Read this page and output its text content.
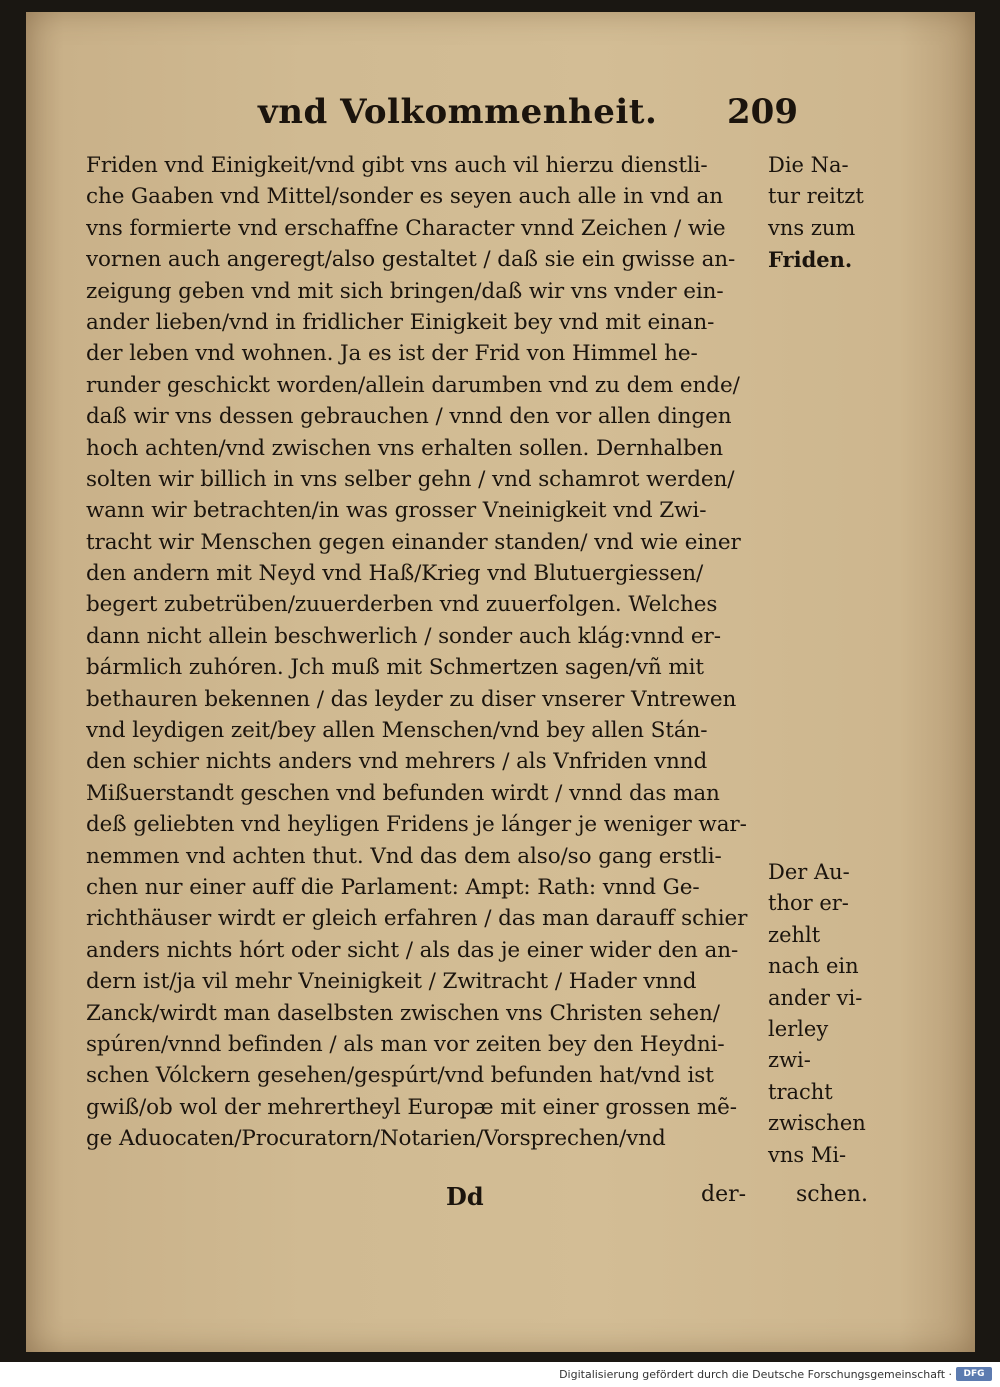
vnd Volkommenheit. 209
Friden vnd Einigkeit/vnd gibt vns auch vil hierzu dienstli-
che Gaaben vnd Mittel/sonder es seyen auch alle in vnd an
vns formierte vnd erschaffne Character vnnd Zeichen / wie
vornen auch angeregt/also gestaltet / daß sie ein gwisse an-
zeigung geben vnd mit sich bringen/daß wir vns vnder ein-
ander lieben/vnd in fridlicher Einigkeit bey vnd mit einan-
der leben vnd wohnen. Ja es ist der Frid von Himmel he-
runder geschickt worden/allein darumben vnd zu dem ende/
daß wir vns dessen gebrauchen / vnnd den vor allen dingen
hoch achten/vnd zwischen vns erhalten sollen. Dernhalben
solten wir billich in vns selber gehn / vnd schamrot werden/
wann wir betrachten/in was grosser Vneinigkeit vnd Zwi-
tracht wir Menschen gegen einander standen/ vnd wie einer
den andern mit Neyd vnd Haß/Krieg vnd Blutuergiessen/
begert zubetrüben/zuuerderben vnd zuuerfolgen. Welches
dann nicht allein beschwerlich / sonder auch klág:vnnd er-
bármlich zuhóren. Jch muß mit Schmertzen sagen/vñ mit
bethauren bekennen / das leyder zu diser vnserer Vntrewen
vnd leydigen zeit/bey allen Menschen/vnd bey allen Stán-
den schier nichts anders vnd mehrers / als Vnfriden vnnd
Mißuerstandt geschen vnd befunden wirdt / vnnd das man
deß geliebten vnd heyligen Fridens je lánger je weniger war-
nemmen vnd achten thut. Vnd das dem also/so gang erstli-
chen nur einer auff die Parlament: Ampt: Rath: vnnd Ge-
richthäuser wirdt er gleich erfahren / das man darauff schier
anders nichts hórt oder sicht / als das je einer wider den an-
dern ist/ja vil mehr Vneinigkeit / Zwitracht / Hader vnnd
Zanck/wirdt man daselbsten zwischen vns Christen sehen/
spúren/vnnd befinden / als man vor zeiten bey den Heydni-
schen Vólckern gesehen/gespúrt/vnd befunden hat/vnd ist
gwiß/ob wol der mehrertheyl Europæ mit einer grossen mẽ-
ge Aduocaten/Procuratorn/Notarien/Vorsprechen/vnd
Die Na-
tur reitzt
vns zum
Friden.
Der Au-
thor er-
zehlt
nach ein
ander vi-
lerley
zwi-
tracht
zwischen
vns Mi-
Dd	der- schen.
Digitalisierung gefördert durch die Deutsche Forschungsgemeinschaft ·	DFG
